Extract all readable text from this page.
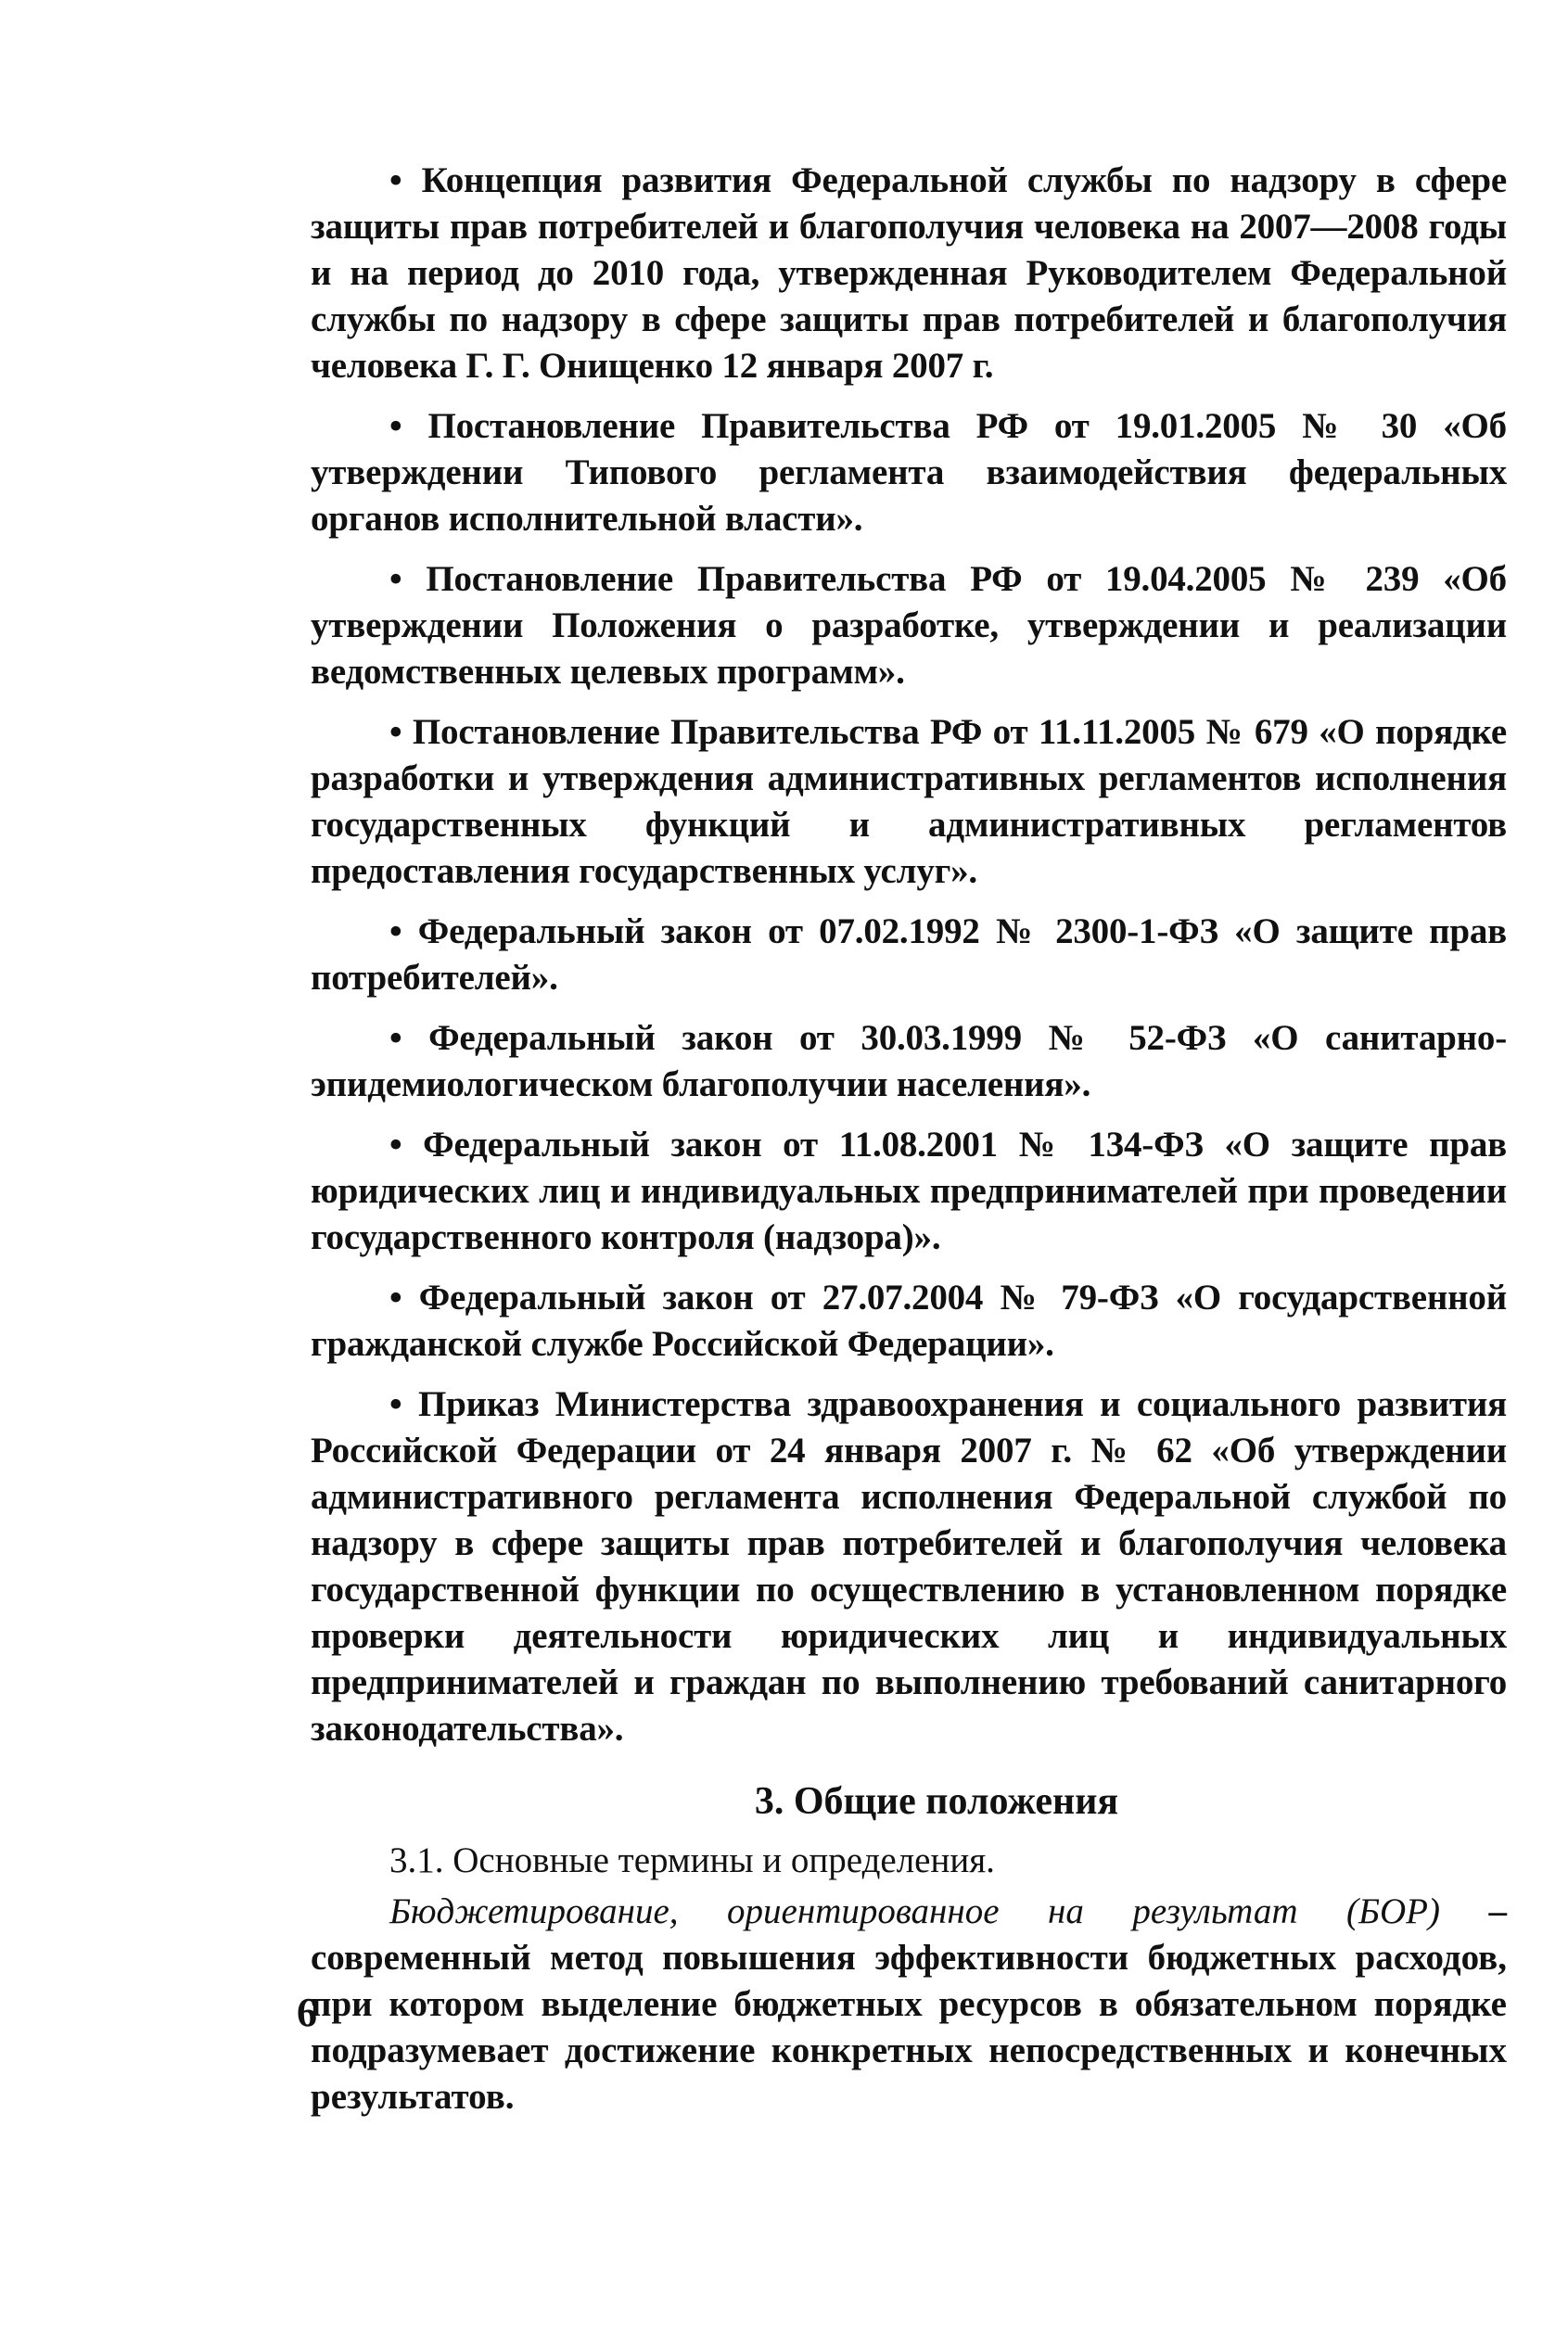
• Концепция развития Федеральной службы по надзору в сфере защиты прав потребителей и благополучия человека на 2007—2008 годы и на период до 2010 года, утвержденная Руководителем Федеральной службы по надзору в сфере защиты прав потребителей и благополучия человека Г. Г. Онищенко 12 января 2007 г.

• Постановление Правительства РФ от 19.01.2005 № 30 «Об утверждении Типового регламента взаимодействия федеральных органов исполнительной власти».

• Постановление Правительства РФ от 19.04.2005 № 239 «Об утверждении Положения о разработке, утверждении и реализации ведомственных целевых программ».

• Постановление Правительства РФ от 11.11.2005 № 679 «О порядке разработки и утверждения административных регламентов исполнения государственных функций и административных регламентов предоставления государственных услуг».

• Федеральный закон от 07.02.1992 № 2300-1-ФЗ «О защите прав потребителей».

• Федеральный закон от 30.03.1999 № 52-ФЗ «О санитарно-эпидемиологическом благополучии населения».

• Федеральный закон от 11.08.2001 № 134-ФЗ «О защите прав юридических лиц и индивидуальных предпринимателей при проведении государственного контроля (надзора)».

• Федеральный закон от 27.07.2004 № 79-ФЗ «О государственной гражданской службе Российской Федерации».

• Приказ Министерства здравоохранения и социального развития Российской Федерации от 24 января 2007 г. № 62 «Об утверждении административного регламента исполнения Федеральной службой по надзору в сфере защиты прав потребителей и благополучия человека государственной функции по осуществлению в установленном порядке проверки деятельности юридических лиц и индивидуальных предпринимателей и граждан по выполнению требований санитарного законодательства».

3. Общие положения

3.1. Основные термины и определения.

Бюджетирование, ориентированное на результат (БОР) – современный метод повышения эффективности бюджетных расходов, при котором выделение бюджетных ресурсов в обязательном порядке подразумевает достижение конкретных непосредственных и конечных результатов.

6
